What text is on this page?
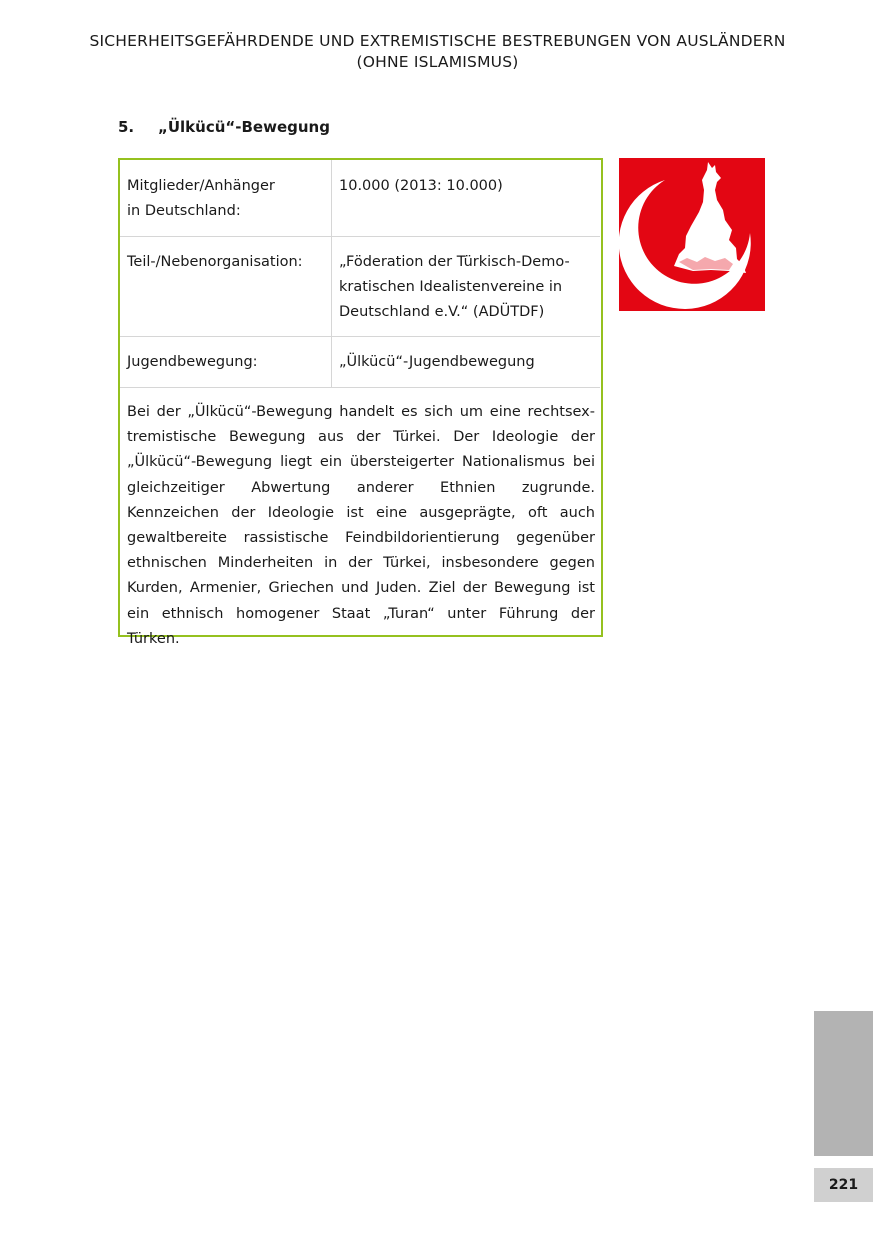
SICHERHEITSGEFÄHRDENDE UND EXTREMISTISCHE BESTREBUNGEN VON AUSLÄNDERN
(OHNE ISLAMISMUS)
5. „Ülkücü“-Bewegung
Mitglieder/Anhänger
in Deutschland:
10.000 (2013: 10.000)
Teil-/Nebenorganisation:	„Föderation der Türkisch-Demo-
kratischen Idealistenvereine in
Deutschland e.V.“ (ADÜTDF)
Jugendbewegung:	„Ülkücü“-Jugendbewegung
Bei der „Ülkücü“-Bewegung handelt es sich um eine rechtsextremistische Bewegung aus der Türkei. Der Ideologie der „Ülkücü“-Bewegung liegt ein übersteigerter Nationalismus bei gleichzeitiger Abwertung anderer Ethnien zugrunde. Kennzeichen der Ideologie ist eine ausgeprägte, oft auch gewaltbereite rassistische Feindbildorientierung gegenüber ethnischen Minderheiten in der Türkei, insbesondere gegen Kurden, Armenier, Griechen und Juden. Ziel der Bewegung ist ein ethnisch homogener Staat „Turan“ unter Führung der Türken.
221
